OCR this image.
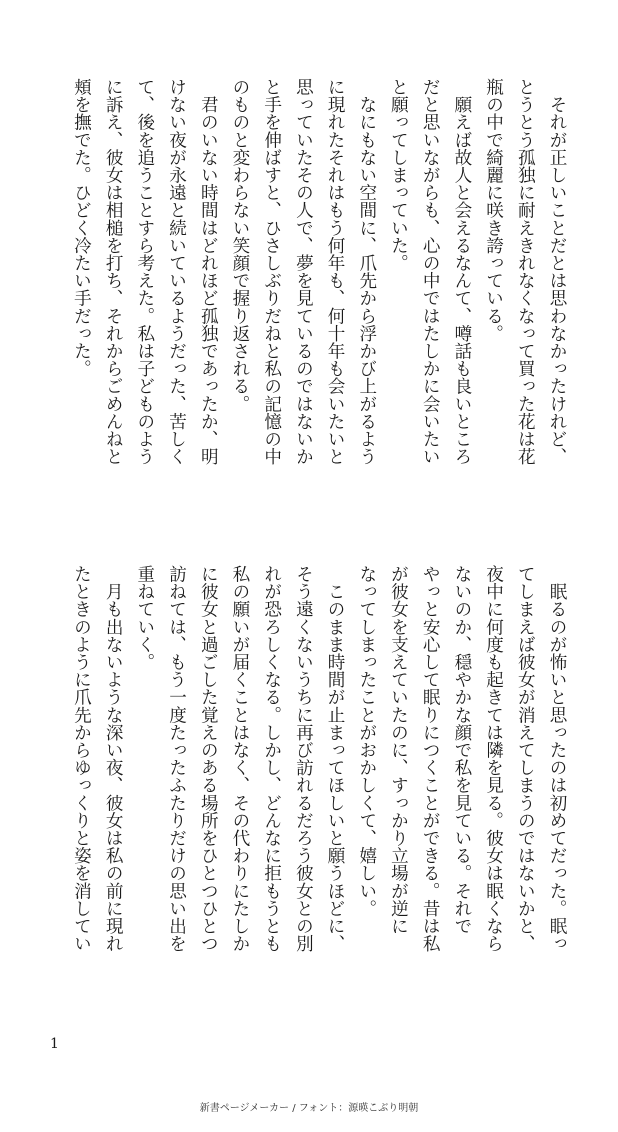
　それが正しいことだとは思わなかったけれど、

とうとう孤独に耐えきれなくなって買った花は花

瓶の中で綺麗に咲き誇っている。

　願えば故人と会えるなんて、噂話も良いところ

だと思いながらも、心の中ではたしかに会いたい

と願ってしまっていた。

　なにもない空間に、爪先から浮かび上がるよう

に現れたそれはもう何年も、何十年も会いたいと

思っていたその人で、夢を見ているのではないか

と手を伸ばすと、ひさしぶりだねと私の記憶の中

のものと変わらない笑顔で握り返される。

　君のいない時間はどれほど孤独であったか、明

けない夜が永遠と続いているようだった、苦しく

て、後を追うことすら考えた。私は子どものよう

に訴え、彼女は相槌を打ち、それからごめんねと

頬を撫でた。ひどく冷たい手だった。

　眠るのが怖いと思ったのは初めてだった。眠っ

てしまえば彼女が消えてしまうのではないかと、

夜中に何度も起きては隣を見る。彼女は眠くなら

ないのか、穏やかな顔で私を見ている。それで

やっと安心して眠りにつくことができる。昔は私

が彼女を支えていたのに、すっかり立場が逆に

なってしまったことがおかしくて、嬉しい。

　このまま時間が止まってほしいと願うほどに、

そう遠くないうちに再び訪れるだろう彼女との別

れが恐ろしくなる。しかし、どんなに拒もうとも

私の願いが届くことはなく、その代わりにたしか

に彼女と過ごした覚えのある場所をひとつひとつ

訪ねては、もう一度たったふたりだけの思い出を

重ねていく。

　月も出ないような深い夜、彼女は私の前に現れ

たときのように爪先からゆっくりと姿を消してい

1
新書ページメーカー / フォント：源暎こぶり明朝
